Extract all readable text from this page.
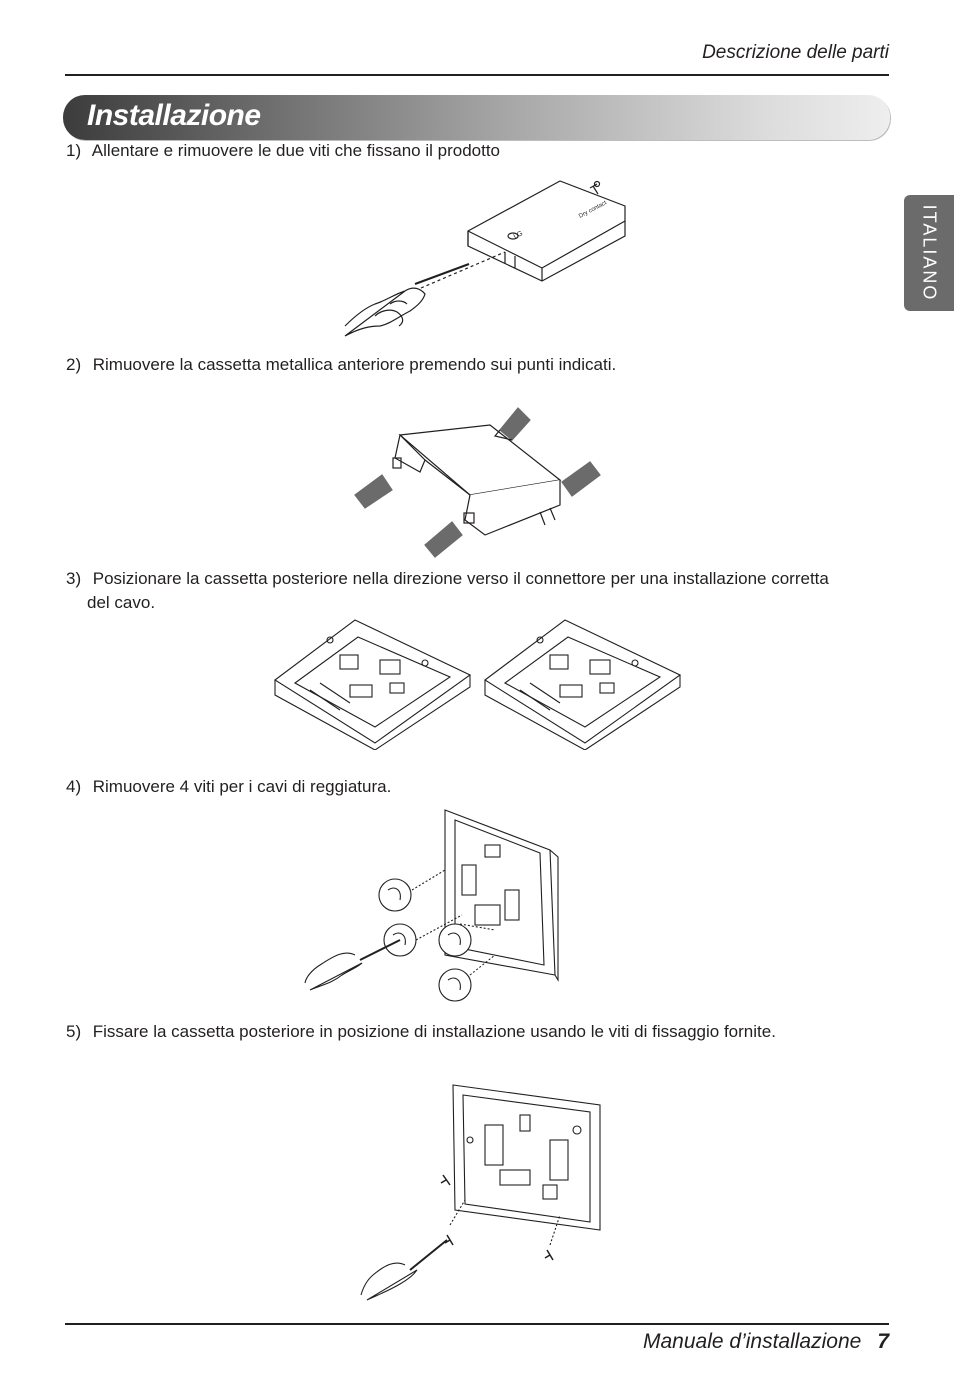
Descrizione delle parti
Installazione
ITALIANO
1) Allentare e rimuovere le due viti che fissano il prodotto
LG
Dry contact
2) Rimuovere la cassetta metallica anteriore premendo sui punti indicati.
3) Posizionare la cassetta posteriore nella direzione verso il connettore per una installazione corretta
del cavo.
4) Rimuovere 4 viti per i cavi di reggiatura.
5) Fissare la cassetta posteriore in posizione di installazione usando le viti di fissaggio fornite.
Manuale d’installazione 7
